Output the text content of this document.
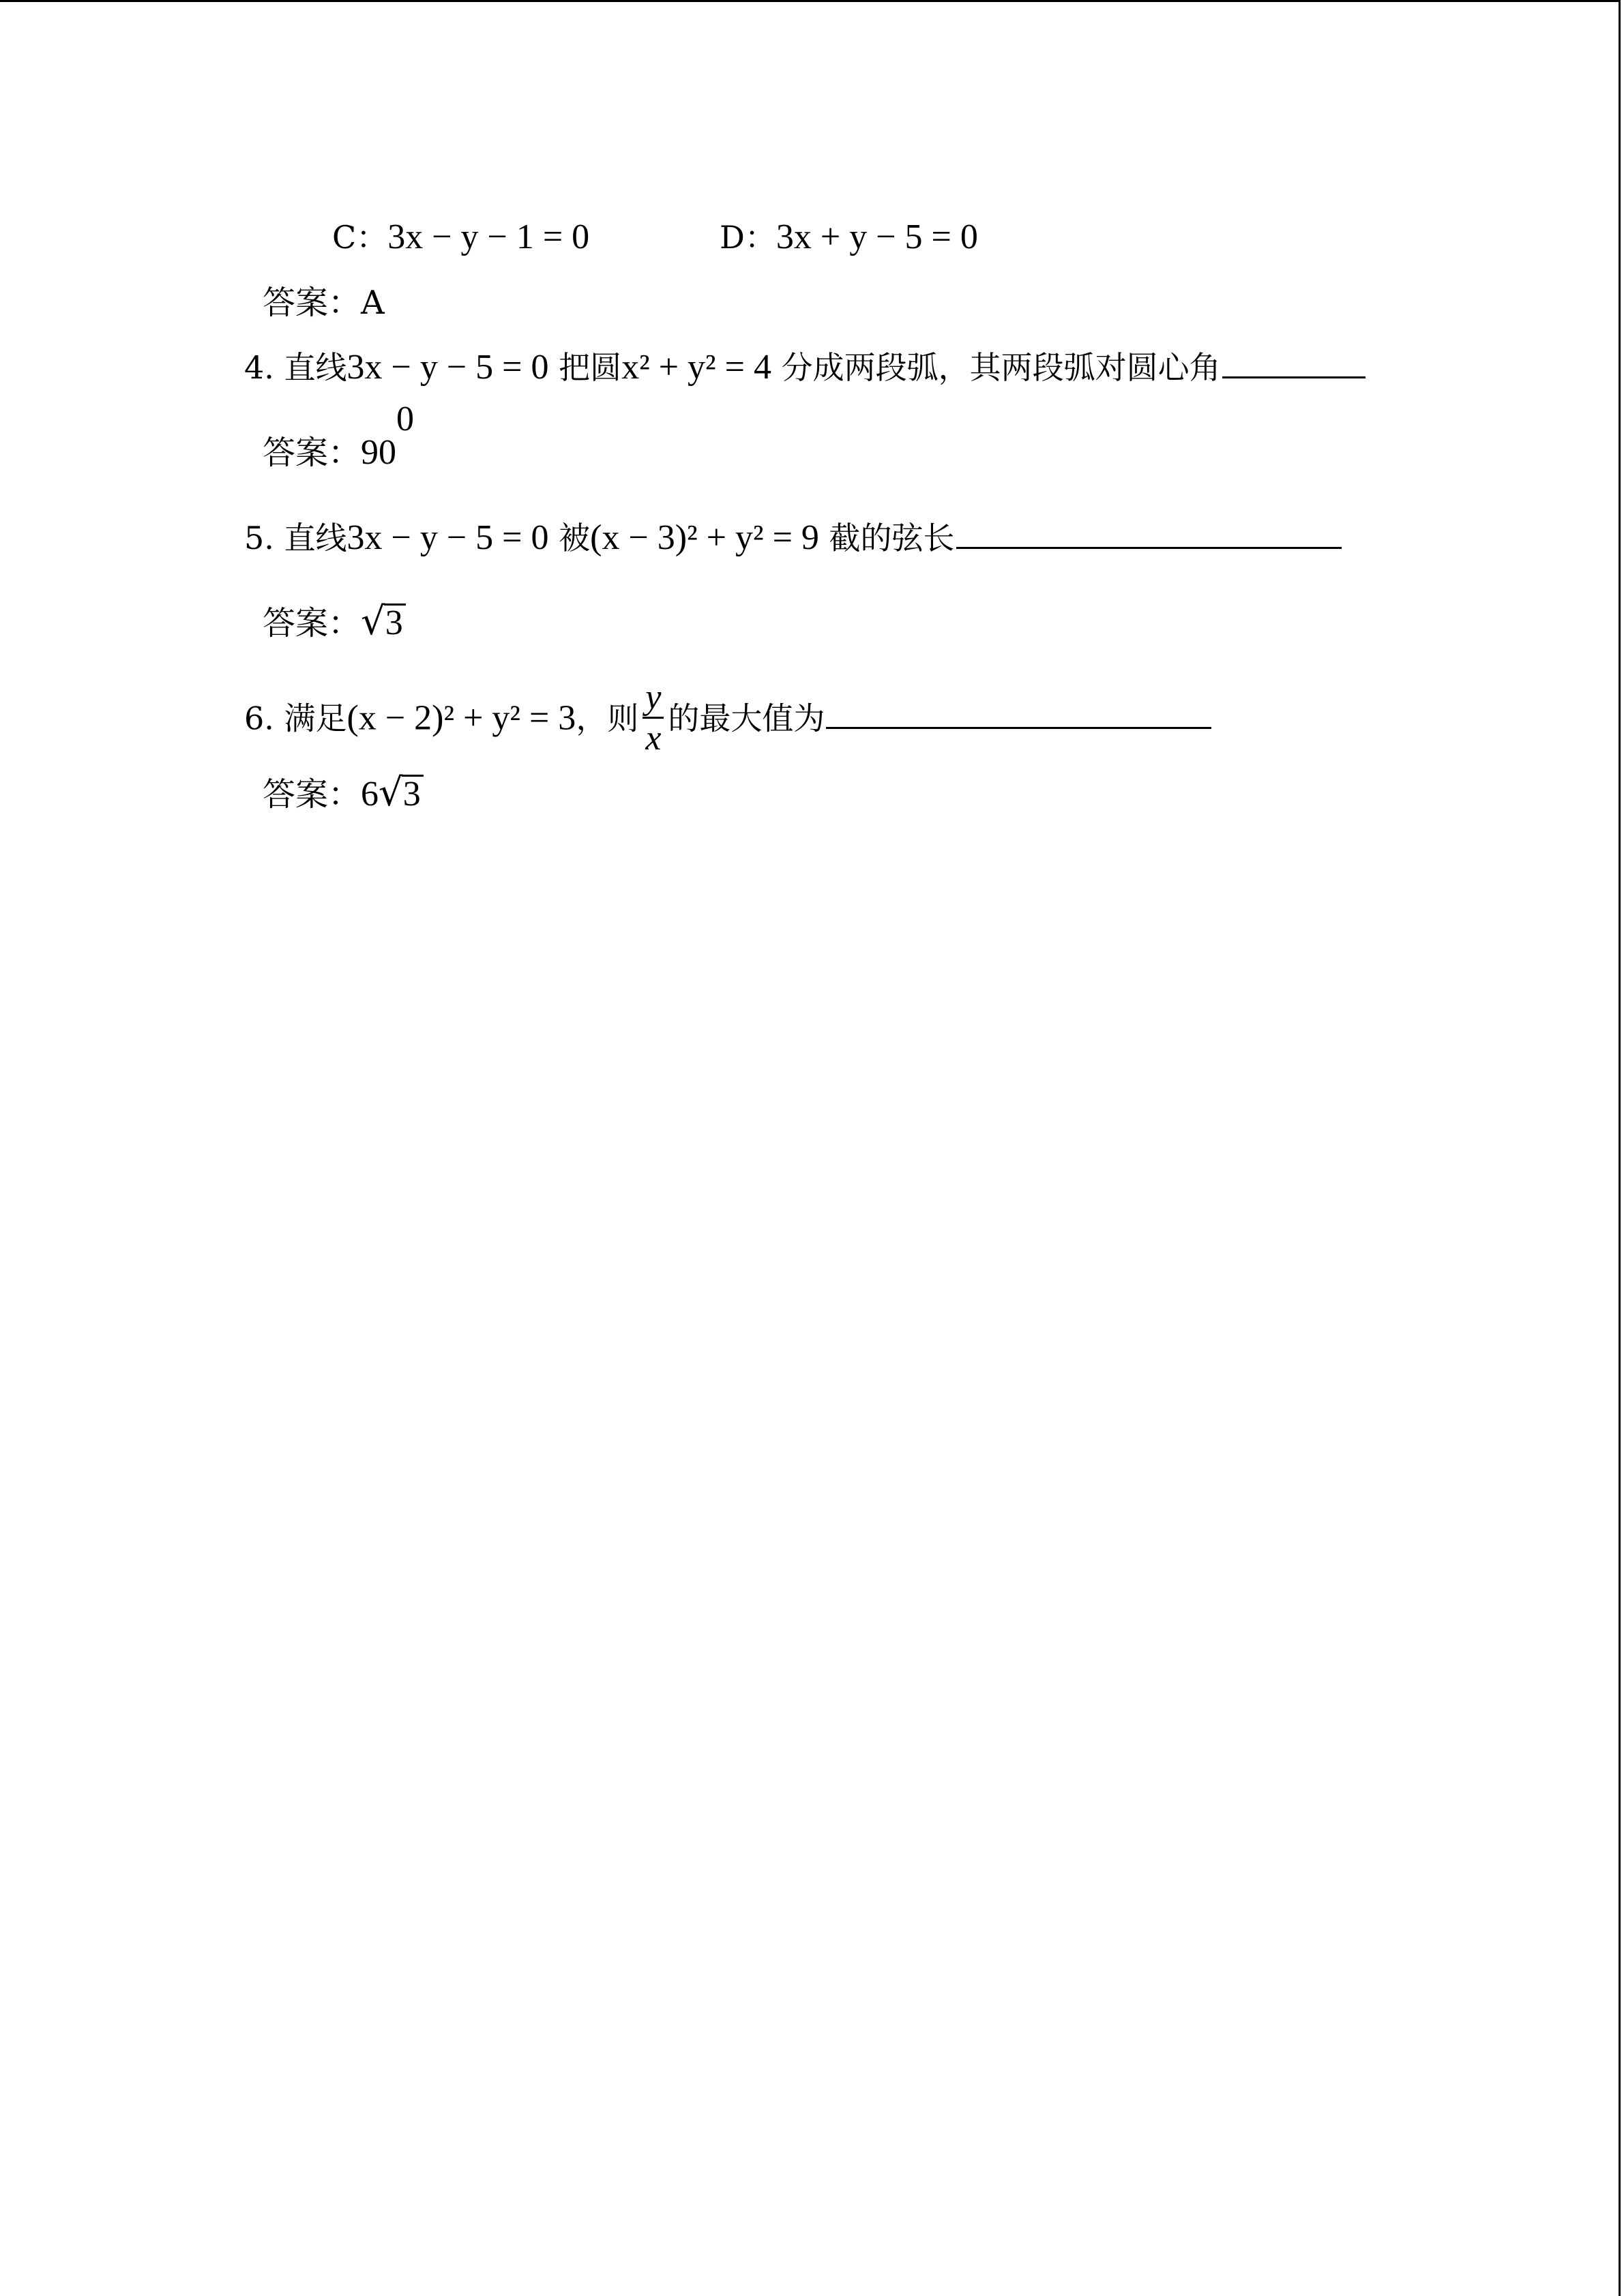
C：3x − y − 1 = 0	D：3x + y − 5 = 0
答案：A
4. 直线3x − y − 5 = 0 把圆x² + y² = 4 分成两段弧，其两段弧对圆心角
答案：$90^0$
5. 直线3x − y − 5 = 0 被(x − 3)² + y² = 9 截的弦长
答案： √ 3
6. 满足(x − 2)² + y² = 3，则 $\frac{y}{x}$ 的最大值为
答案：6 √ 3
